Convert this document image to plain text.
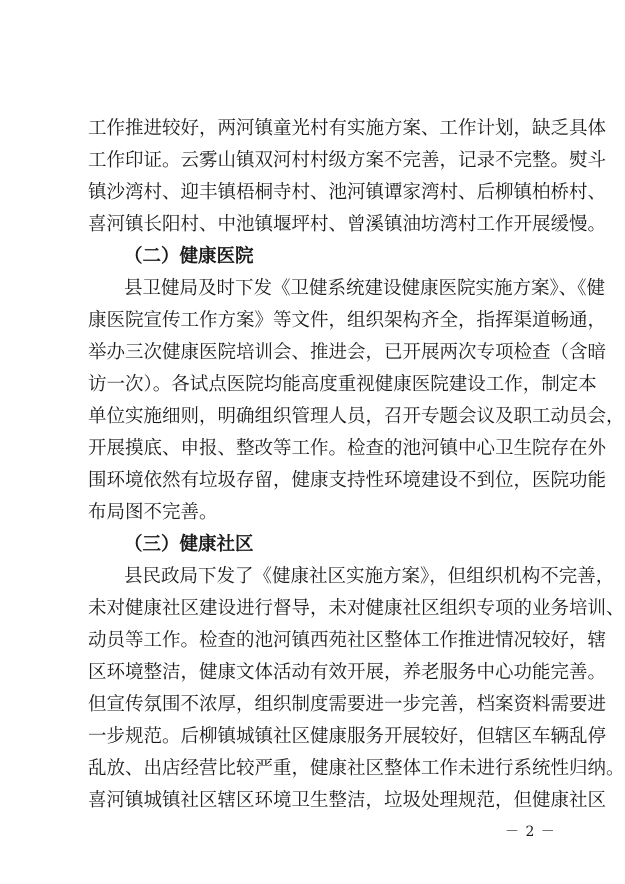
工作推进较好，两河镇童光村有实施方案、工作计划，缺乏具体
工作印证。云雾山镇双河村村级方案不完善，记录不完整。熨斗
镇沙湾村、迎丰镇梧桐寺村、池河镇谭家湾村、后柳镇柏桥村、
喜河镇长阳村、中池镇堰坪村、曾溪镇油坊湾村工作开展缓慢。
（二）健康医院
县卫健局及时下发《卫健系统建设健康医院实施方案》、《健
康医院宣传工作方案》等文件，组织架构齐全，指挥渠道畅通，
举办三次健康医院培训会、推进会，已开展两次专项检查（含暗
访一次）。各试点医院均能高度重视健康医院建设工作，制定本
单位实施细则，明确组织管理人员，召开专题会议及职工动员会，
开展摸底、申报、整改等工作。检查的池河镇中心卫生院存在外
围环境依然有垃圾存留，健康支持性环境建设不到位，医院功能
布局图不完善。
（三）健康社区
县民政局下发了《健康社区实施方案》，但组织机构不完善，
未对健康社区建设进行督导，未对健康社区组织专项的业务培训、
动员等工作。检查的池河镇西苑社区整体工作推进情况较好，辖
区环境整洁，健康文体活动有效开展，养老服务中心功能完善。
但宣传氛围不浓厚，组织制度需要进一步完善，档案资料需要进
一步规范。后柳镇城镇社区健康服务开展较好，但辖区车辆乱停
乱放、出店经营比较严重，健康社区整体工作未进行系统性归纳。
喜河镇城镇社区辖区环境卫生整洁，垃圾处理规范，但健康社区
－ 2 －
